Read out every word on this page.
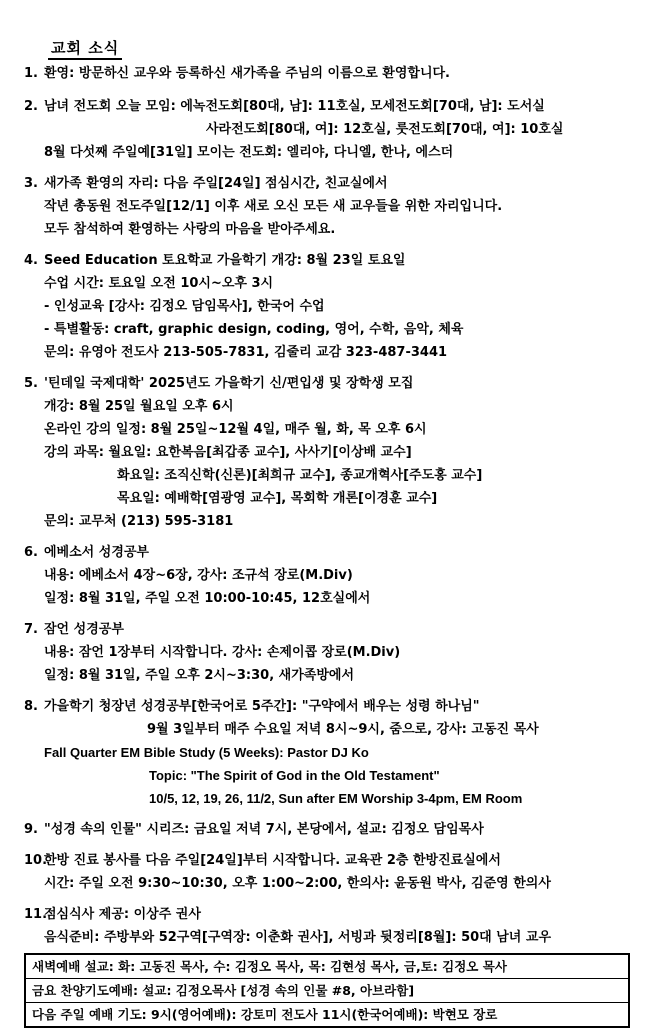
교회 소식
1. 환영: 방문하신 교우와 등록하신 새가족을 주님의 이름으로 환영합니다.
2. 남녀 전도회 오늘 모임: 에녹전도회[80대, 남]: 11호실, 모세전도회[70대, 남]: 도서실
사라전도회[80대, 여]: 12호실, 룻전도회[70대, 여]: 10호실
8월 다섯째 주일예[31일] 모이는 전도회: 엘리야, 다니엘, 한나, 에스더
3. 새가족 환영의 자리: 다음 주일[24일] 점심시간, 친교실에서
작년 총동원 전도주일[12/1] 이후 새로 오신 모든 새 교우들을 위한 자리입니다.
모두 참석하여 환영하는 사랑의 마음을 받아주세요.
4. Seed Education 토요학교 가을학기 개강: 8월 23일 토요일
수업 시간: 토요일 오전 10시~오후 3시
- 인성교육 [강사: 김정오 담임목사], 한국어 수업
- 특별활동: craft, graphic design, coding, 영어, 수학, 음악, 체육
문의: 유영아 전도사 213-505-7831, 김줄리 교감 323-487-3441
5. '틴데일 국제대학' 2025년도 가을학기 신/편입생 및 장학생 모집
개강: 8월 25일 월요일 오후 6시
온라인 강의 일정: 8월 25일~12월 4일, 매주 월, 화, 목 오후 6시
강의 과목: 월요일: 요한복음[최갑종 교수], 사사기[이상배 교수]
화요일: 조직신학(신론)[최희규 교수], 종교개혁사[주도홍 교수]
목요일: 예배학[염광영 교수], 목회학 개론[이경훈 교수]
문의: 교무처 (213) 595-3181
6. 에베소서 성경공부
내용: 에베소서 4장~6장, 강사: 조규석 장로(M.Div)
일정: 8월 31일, 주일 오전 10:00-10:45, 12호실에서
7. 잠언 성경공부
내용: 잠언 1장부터 시작합니다. 강사: 손제이콥 장로(M.Div)
일정: 8월 31일, 주일 오후 2시~3:30, 새가족방에서
8. 가을학기 청장년 성경공부[한국어로 5주간]: "구약에서 배우는 성령 하나님"
9월 3일부터 매주 수요일 저녁 8시~9시, 줌으로, 강사: 고동진 목사
Fall Quarter EM Bible Study (5 Weeks): Pastor DJ Ko
Topic: "The Spirit of God in the Old Testament"
10/5, 12, 19, 26, 11/2, Sun after EM Worship 3-4pm, EM Room
9. "성경 속의 인물" 시리즈: 금요일 저녁 7시, 본당에서, 설교: 김정오 담임목사
10.한방 진료 봉사를 다음 주일[24일]부터 시작합니다. 교육관 2층 한방진료실에서
시간: 주일 오전 9:30~10:30, 오후 1:00~2:00, 한의사: 윤동원 박사, 김준영 한의사
11.점심식사 제공: 이상주 권사
음식준비: 주방부와 52구역[구역장: 이춘화 권사], 서빙과 뒷정리[8월]: 50대 남녀 교우
새벽예배 설교: 화: 고동진 목사, 수: 김정오 목사, 목: 김현성 목사, 금,토: 김정오 목사
금요 찬양기도예배: 설교: 김정오목사 [성경 속의 인물 #8, 아브라함]
다음 주일 예배 기도: 9시(영어예배): 강토미 전도사 11시(한국어예배): 박현모 장로
